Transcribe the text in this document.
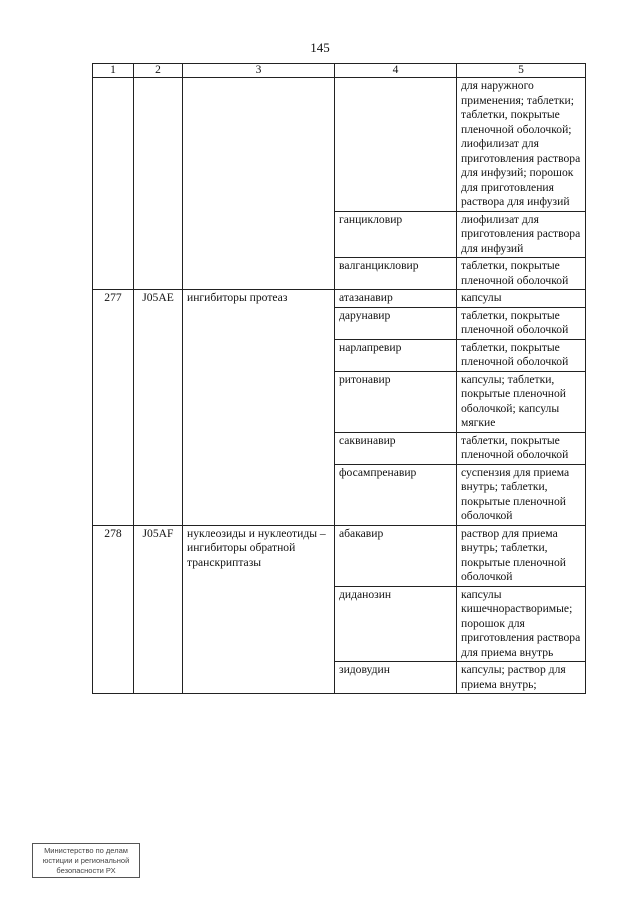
145
1	2	3	4	5
				для наружного применения; таблетки; таблетки, покрытые пленочной оболочкой; лиофилизат для приготовления раствора для инфузий; порошок для приготовления раствора для инфузий
			ганцикловир	лиофилизат для приготовления раствора для инфузий
			валганцикловир	таблетки, покрытые пленочной оболочкой
277	J05AE	ингибиторы протеаз	атазанавир	капсулы
			дарунавир	таблетки, покрытые пленочной оболочкой
			нарлапревир	таблетки, покрытые пленочной оболочкой
			ритонавир	капсулы; таблетки, покрытые пленочной оболочкой; капсулы мягкие
			саквинавир	таблетки, покрытые пленочной оболочкой
			фосампренавир	суспензия для приема внутрь; таблетки, покрытые пленочной оболочкой
278	J05AF	нуклеозиды и нуклеотиды – ингибиторы обратной транскриптазы	абакавир	раствор для приема внутрь; таблетки, покрытые пленочной оболочкой
			диданозин	капсулы кишечнорастворимые; порошок для приготовления раствора для приема внутрь
			зидовудин	капсулы; раствор для приема внутрь;
Министерство по делам
юстиции и региональной
безопасности РХ
